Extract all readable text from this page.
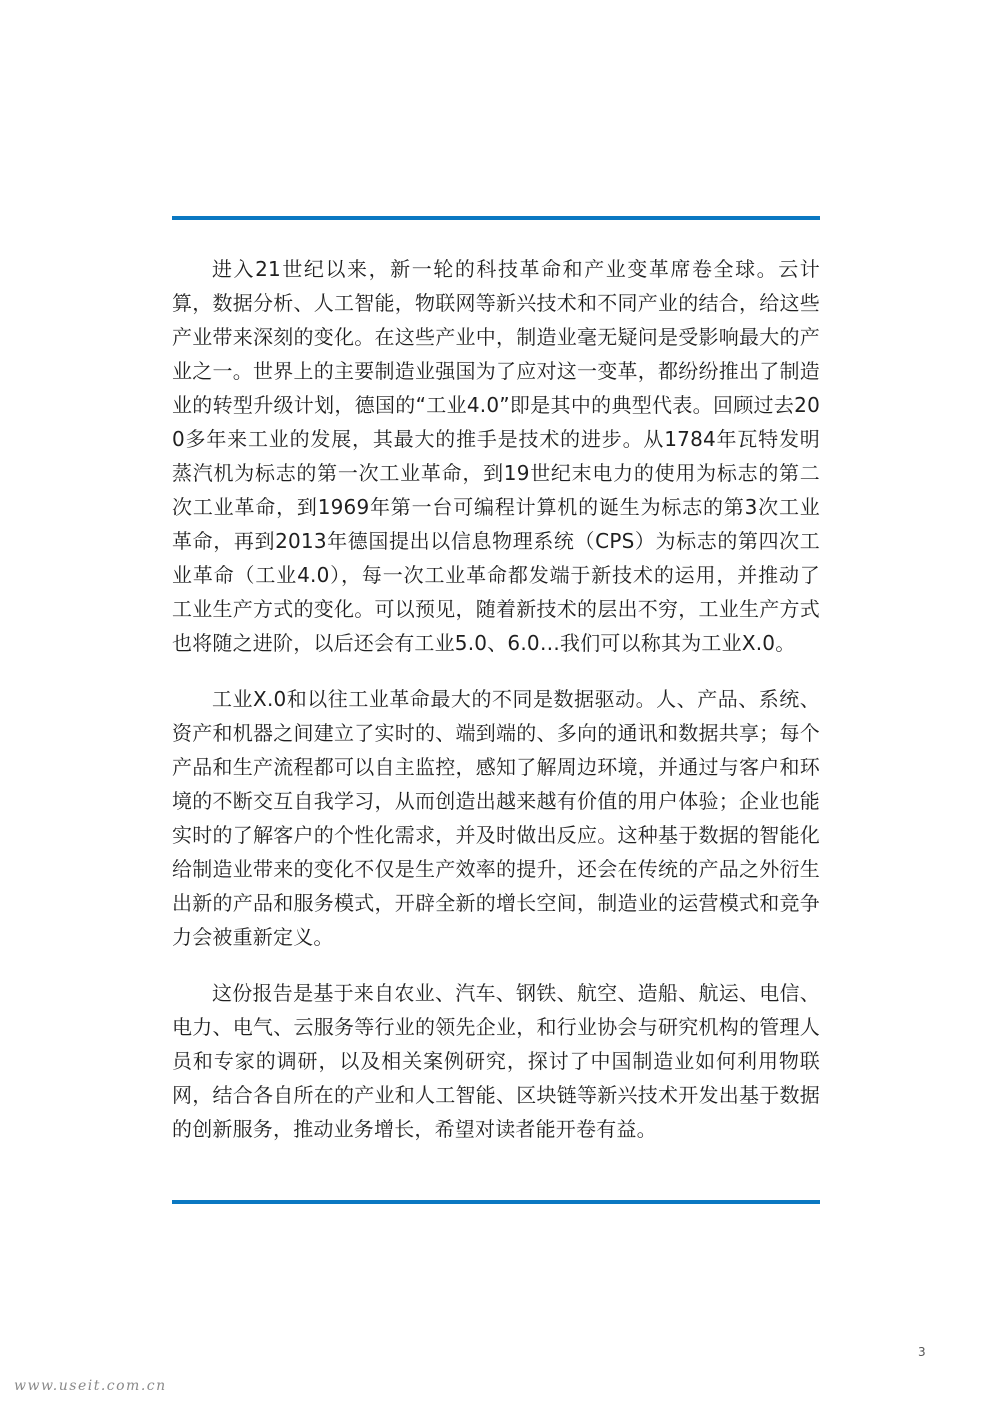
进入21世纪以来，新一轮的科技革命和产业变革席卷全球。云计算，数据分析、人工智能，物联网等新兴技术和不同产业的结合，给这些产业带来深刻的变化。在这些产业中，制造业毫无疑问是受影响最大的产业之一。世界上的主要制造业强国为了应对这一变革，都纷纷推出了制造业的转型升级计划，德国的“工业4.0”即是其中的典型代表。回顾过去200多年来工业的发展，其最大的推手是技术的进步。从1784年瓦特发明蒸汽机为标志的第一次工业革命，到19世纪末电力的使用为标志的第二次工业革命，到1969年第一台可编程计算机的诞生为标志的第3次工业革命，再到2013年德国提出以信息物理系统（CPS）为标志的第四次工业革命（工业4.0），每一次工业革命都发端于新技术的运用，并推动了工业生产方式的变化。可以预见，随着新技术的层出不穷，工业生产方式也将随之进阶，以后还会有工业5.0、6.0…我们可以称其为工业X.0。

工业X.0和以往工业革命最大的不同是数据驱动。人、产品、系统、资产和机器之间建立了实时的、端到端的、多向的通讯和数据共享；每个产品和生产流程都可以自主监控，感知了解周边环境，并通过与客户和环境的不断交互自我学习，从而创造出越来越有价值的用户体验；企业也能实时的了解客户的个性化需求，并及时做出反应。这种基于数据的智能化给制造业带来的变化不仅是生产效率的提升，还会在传统的产品之外衍生出新的产品和服务模式，开辟全新的增长空间，制造业的运营模式和竞争力会被重新定义。

这份报告是基于来自农业、汽车、钢铁、航空、造船、航运、电信、电力、电气、云服务等行业的领先企业，和行业协会与研究机构的管理人员和专家的调研，以及相关案例研究，探讨了中国制造业如何利用物联网，结合各自所在的产业和人工智能、区块链等新兴技术开发出基于数据的创新服务，推动业务增长，希望对读者能开卷有益。

3
www.useit.com.cn
